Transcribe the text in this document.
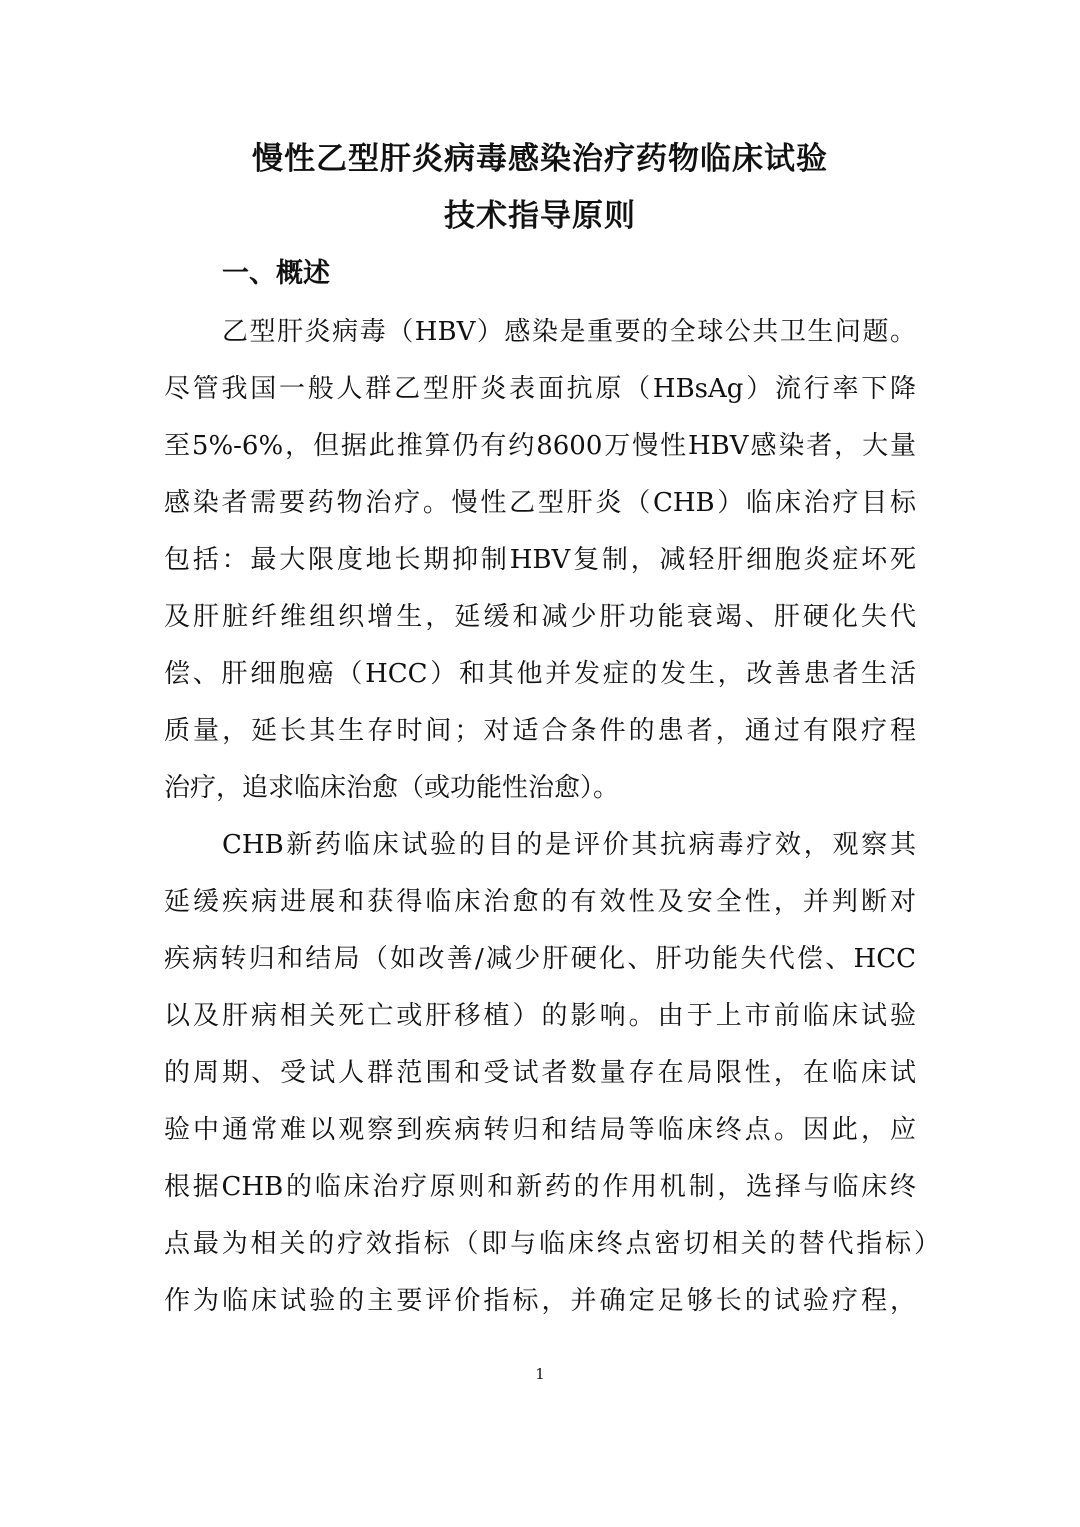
慢性乙型肝炎病毒感染治疗药物临床试验
技术指导原则
一、概述
乙型肝炎病毒（HBV）感染是重要的全球公共卫生问题。
尽管我国一般人群乙型肝炎表面抗原（HBsAg）流行率下降
至5%-6%，但据此推算仍有约8600万慢性HBV感染者，大量
感染者需要药物治疗。慢性乙型肝炎（CHB）临床治疗目标
包括：最大限度地长期抑制HBV复制，减轻肝细胞炎症坏死
及肝脏纤维组织增生，延缓和减少肝功能衰竭、肝硬化失代
偿、肝细胞癌（HCC）和其他并发症的发生，改善患者生活
质量，延长其生存时间；对适合条件的患者，通过有限疗程
治疗，追求临床治愈（或功能性治愈）。
CHB新药临床试验的目的是评价其抗病毒疗效，观察其
延缓疾病进展和获得临床治愈的有效性及安全性，并判断对
疾病转归和结局（如改善/减少肝硬化、肝功能失代偿、HCC
以及肝病相关死亡或肝移植）的影响。由于上市前临床试验
的周期、受试人群范围和受试者数量存在局限性，在临床试
验中通常难以观察到疾病转归和结局等临床终点。因此，应
根据CHB的临床治疗原则和新药的作用机制，选择与临床终
点最为相关的疗效指标（即与临床终点密切相关的替代指标）
作为临床试验的主要评价指标，并确定足够长的试验疗程，
1
